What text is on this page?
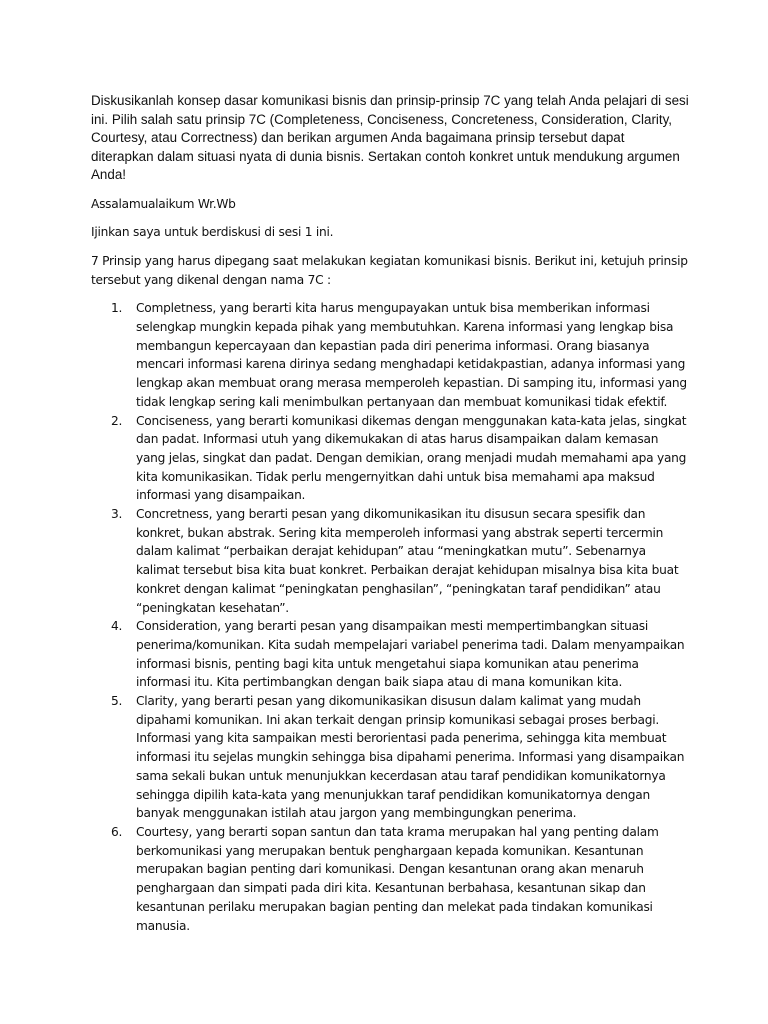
Diskusikanlah konsep dasar komunikasi bisnis dan prinsip-prinsip 7C yang telah Anda pelajari di sesi ini. Pilih salah satu prinsip 7C (Completeness, Conciseness, Concreteness, Consideration, Clarity, Courtesy, atau Correctness) dan berikan argumen Anda bagaimana prinsip tersebut dapat diterapkan dalam situasi nyata di dunia bisnis. Sertakan contoh konkret untuk mendukung argumen Anda!

Assalamualaikum Wr.Wb

Ijinkan saya untuk berdiskusi di sesi 1 ini.

7 Prinsip yang harus dipegang saat melakukan kegiatan komunikasi bisnis. Berikut ini, ketujuh prinsip tersebut yang dikenal dengan nama 7C :

1. Completness, yang berarti kita harus mengupayakan untuk bisa memberikan informasi selengkap mungkin kepada pihak yang membutuhkan. Karena informasi yang lengkap bisa membangun kepercayaan dan kepastian pada diri penerima informasi. Orang biasanya mencari informasi karena dirinya sedang menghadapi ketidakpastian, adanya informasi yang lengkap akan membuat orang merasa memperoleh kepastian. Di samping itu, informasi yang tidak lengkap sering kali menimbulkan pertanyaan dan membuat komunikasi tidak efektif.
2. Conciseness, yang berarti komunikasi dikemas dengan menggunakan kata-kata jelas, singkat dan padat. Informasi utuh yang dikemukakan di atas harus disampaikan dalam kemasan yang jelas, singkat dan padat. Dengan demikian, orang menjadi mudah memahami apa yang kita komunikasikan. Tidak perlu mengernyitkan dahi untuk bisa memahami apa maksud informasi yang disampaikan.
3. Concretness, yang berarti pesan yang dikomunikasikan itu disusun secara spesifik dan konkret, bukan abstrak. Sering kita memperoleh informasi yang abstrak seperti tercermin dalam kalimat “perbaikan derajat kehidupan” atau “meningkatkan mutu”. Sebenarnya kalimat tersebut bisa kita buat konkret. Perbaikan derajat kehidupan misalnya bisa kita buat konkret dengan kalimat “peningkatan penghasilan”, “peningkatan taraf pendidikan” atau “peningkatan kesehatan”.
4. Consideration, yang berarti pesan yang disampaikan mesti mempertimbangkan situasi penerima/komunikan. Kita sudah mempelajari variabel penerima tadi. Dalam menyampaikan informasi bisnis, penting bagi kita untuk mengetahui siapa komunikan atau penerima informasi itu. Kita pertimbangkan dengan baik siapa atau di mana komunikan kita.
5. Clarity, yang berarti pesan yang dikomunikasikan disusun dalam kalimat yang mudah dipahami komunikan. Ini akan terkait dengan prinsip komunikasi sebagai proses berbagi. Informasi yang kita sampaikan mesti berorientasi pada penerima, sehingga kita membuat informasi itu sejelas mungkin sehingga bisa dipahami penerima. Informasi yang disampaikan sama sekali bukan untuk menunjukkan kecerdasan atau taraf pendidikan komunikatornya sehingga dipilih kata-kata yang menunjukkan taraf pendidikan komunikatornya dengan banyak menggunakan istilah atau jargon yang membingungkan penerima.
6. Courtesy, yang berarti sopan santun dan tata krama merupakan hal yang penting dalam berkomunikasi yang merupakan bentuk penghargaan kepada komunikan. Kesantunan merupakan bagian penting dari komunikasi. Dengan kesantunan orang akan menaruh penghargaan dan simpati pada diri kita. Kesantunan berbahasa, kesantunan sikap dan kesantunan perilaku merupakan bagian penting dan melekat pada tindakan komunikasi manusia.
